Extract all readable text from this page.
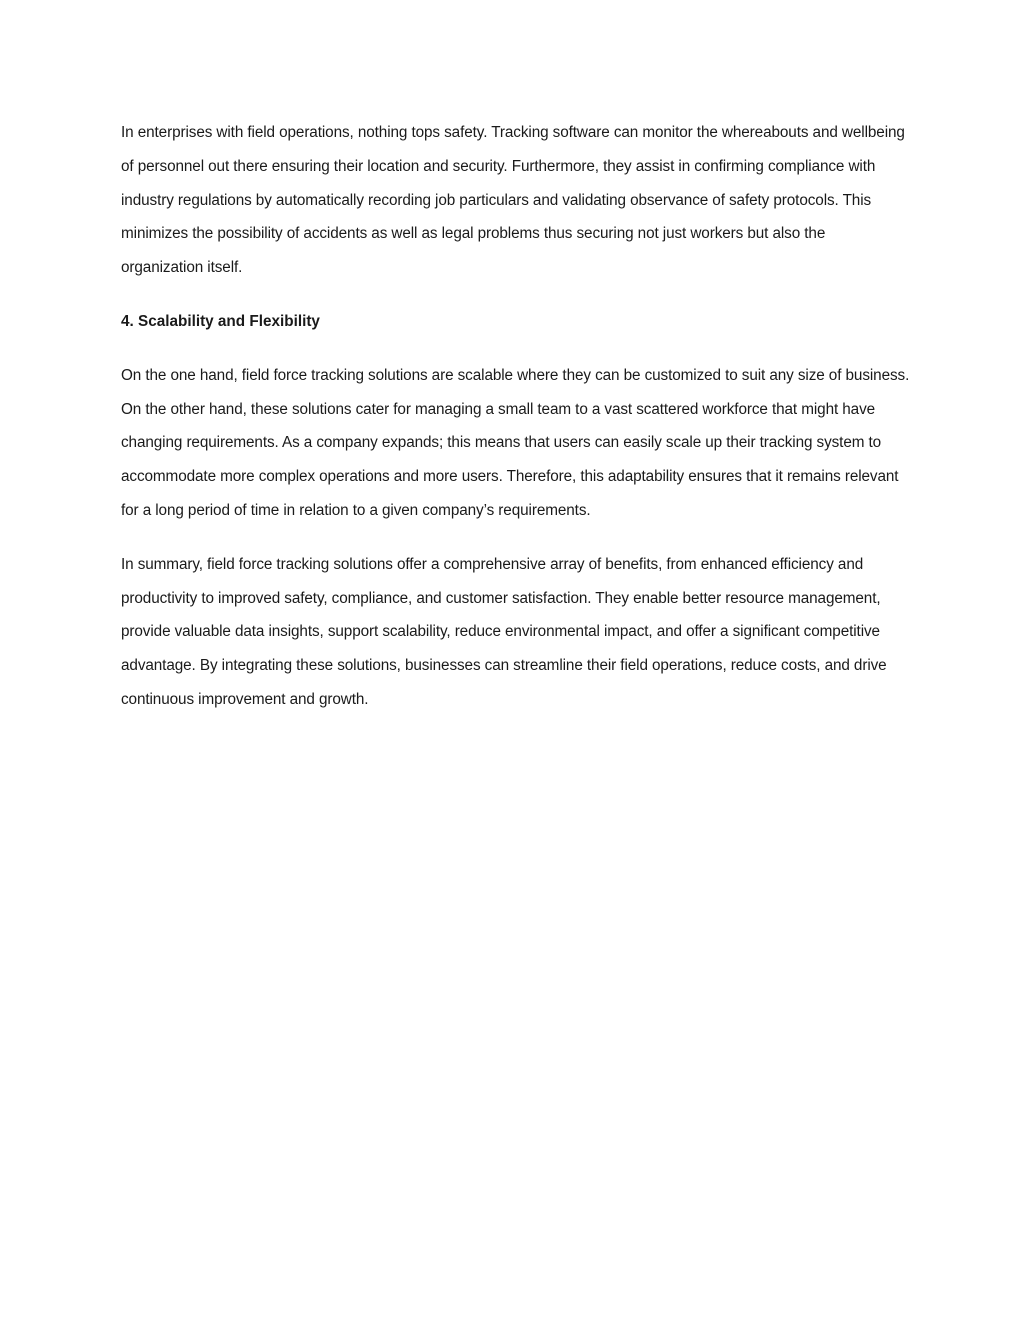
In enterprises with field operations, nothing tops safety. Tracking software can monitor the whereabouts and wellbeing of personnel out there ensuring their location and security. Furthermore, they assist in confirming compliance with industry regulations by automatically recording job particulars and validating observance of safety protocols. This minimizes the possibility of accidents as well as legal problems thus securing not just workers but also the organization itself.

4. Scalability and Flexibility

On the one hand, field force tracking solutions are scalable where they can be customized to suit any size of business. On the other hand, these solutions cater for managing a small team to a vast scattered workforce that might have changing requirements. As a company expands; this means that users can easily scale up their tracking system to accommodate more complex operations and more users. Therefore, this adaptability ensures that it remains relevant for a long period of time in relation to a given company’s requirements.

In summary, field force tracking solutions offer a comprehensive array of benefits, from enhanced efficiency and productivity to improved safety, compliance, and customer satisfaction. They enable better resource management, provide valuable data insights, support scalability, reduce environmental impact, and offer a significant competitive advantage. By integrating these solutions, businesses can streamline their field operations, reduce costs, and drive continuous improvement and growth.
